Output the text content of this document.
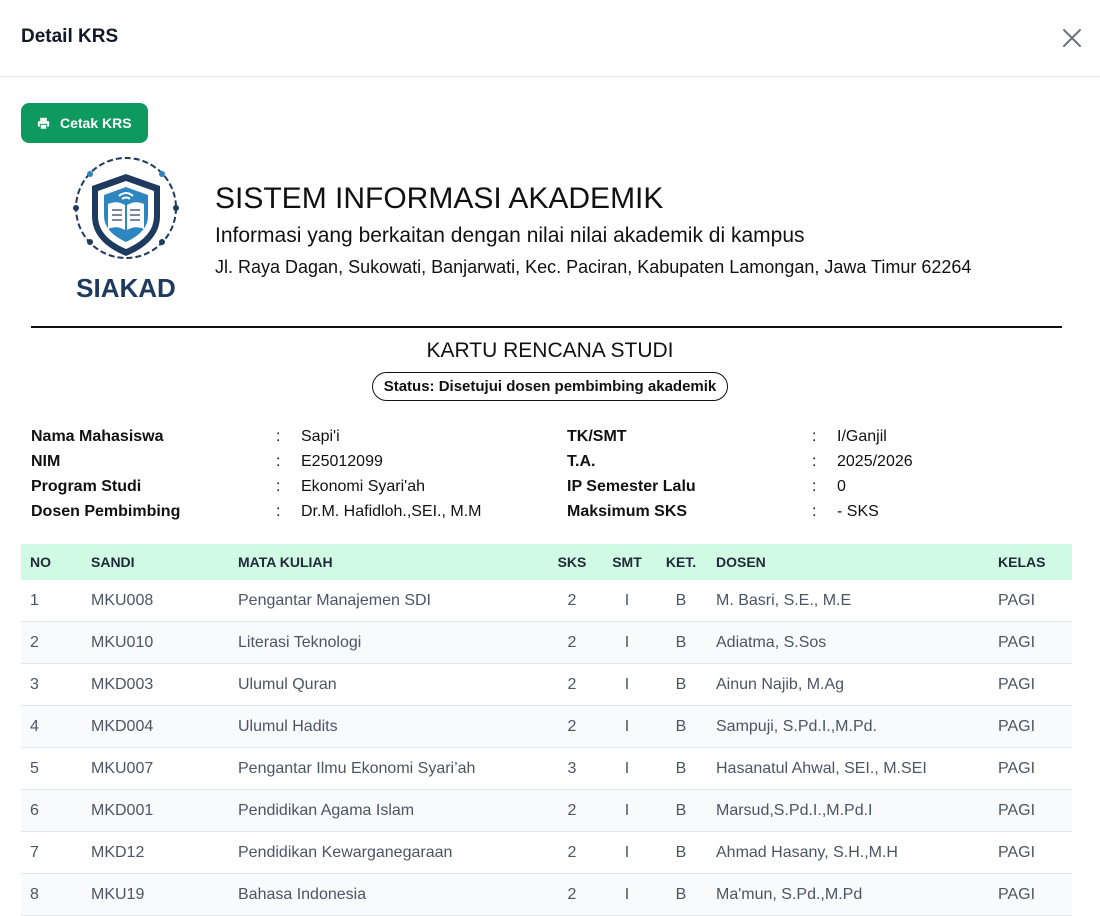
Detail KRS
Cetak KRS
SIAKAD
SISTEM INFORMASI AKADEMIK
Informasi yang berkaitan dengan nilai nilai akademik di kampus
Jl. Raya Dagan, Sukowati, Banjarwati, Kec. Paciran, Kabupaten Lamongan, Jawa Timur 62264
KARTU RENCANA STUDI
Status: Disetujui dosen pembimbing akademik
Nama Mahasiswa	: Sapi'i
NIM	: E25012099
Program Studi	: Ekonomi Syari'ah
Dosen Pembimbing	: Dr.M. Hafidloh.,SEI., M.M
TK/SMT	: I/Ganjil
T.A.	: 2025/2026
IP Semester Lalu	: 0
Maksimum SKS	: - SKS
NO	SANDI	MATA KULIAH	SKS	SMT	KET.	DOSEN	KELAS
1	MKU008	Pengantar Manajemen SDI	2	I	B	M. Basri, S.E., M.E	PAGI
2	MKU010	Literasi Teknologi	2	I	B	Adiatma, S.Sos	PAGI
3	MKD003	Ulumul Quran	2	I	B	Ainun Najib, M.Ag	PAGI
4	MKD004	Ulumul Hadits	2	I	B	Sampuji, S.Pd.I.,M.Pd.	PAGI
5	MKU007	Pengantar Ilmu Ekonomi Syari’ah	3	I	B	Hasanatul Ahwal, SEI., M.SEI	PAGI
6	MKD001	Pendidikan Agama Islam	2	I	B	Marsud,S.Pd.I.,M.Pd.I	PAGI
7	MKD12	Pendidikan Kewarganegaraan	2	I	B	Ahmad Hasany, S.H.,M.H	PAGI
8	MKU19	Bahasa Indonesia	2	I	B	Ma'mun, S.Pd.,M.Pd	PAGI
